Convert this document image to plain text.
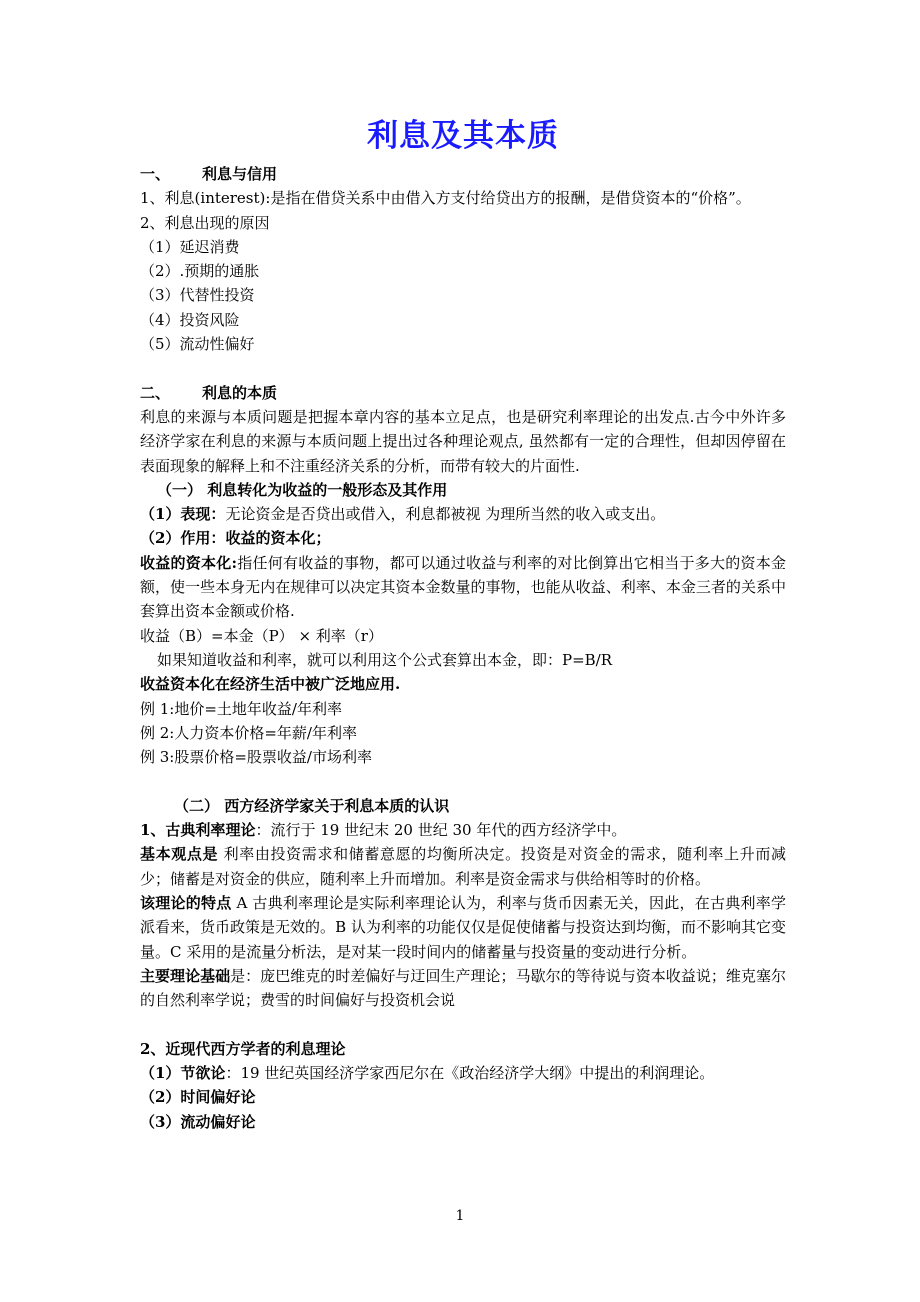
利息及其本质

一、 利息与信用

1、利息(interest):是指在借贷关系中由借入方支付给贷出方的报酬，是借贷资本的“价格”。

2、利息出现的原因

（1）延迟消费

（2）.预期的通胀

（3）代替性投资

（4）投资风险

（5）流动性偏好

二、 利息的本质

利息的来源与本质问题是把握本章内容的基本立足点，也是研究利率理论的出发点.古今中外许多经济学家在利息的来源与本质问题上提出过各种理论观点, 虽然都有一定的合理性，但却因停留在表面现象的解释上和不注重经济关系的分析，而带有较大的片面性.

（一） 利息转化为收益的一般形态及其作用

（1）表现：无论资金是否贷出或借入，利息都被视 为理所当然的收入或支出。

（2）作用：收益的资本化；

收益的资本化:指任何有收益的事物，都可以通过收益与利率的对比倒算出它相当于多大的资本金额，使一些本身无内在规律可以决定其资本金数量的事物，也能从收益、利率、本金三者的关系中套算出资本金额或价格.

收益（B）=本金（P） × 利率（r）

如果知道收益和利率，就可以利用这个公式套算出本金，即：P=B/R

收益资本化在经济生活中被广泛地应用.

例 1:地价=土地年收益/年利率

例 2:人力资本价格=年薪/年利率

例 3:股票价格=股票收益/市场利率

（二） 西方经济学家关于利息本质的认识

1、古典利率理论：流行于 19 世纪末 20 世纪 30 年代的西方经济学中。

基本观点是 利率由投资需求和储蓄意愿的均衡所决定。投资是对资金的需求，随利率上升而减少；储蓄是对资金的供应，随利率上升而增加。利率是资金需求与供给相等时的价格。

该理论的特点 A 古典利率理论是实际利率理论认为，利率与货币因素无关，因此，在古典利率学派看来，货币政策是无效的。B 认为利率的功能仅仅是促使储蓄与投资达到均衡，而不影响其它变量。C 采用的是流量分析法，是对某一段时间内的储蓄量与投资量的变动进行分析。

主要理论基础是：庞巴维克的时差偏好与迂回生产理论；马歇尔的等待说与资本收益说；维克塞尔的自然利率学说；费雪的时间偏好与投资机会说

2、近现代西方学者的利息理论

（1）节欲论：19 世纪英国经济学家西尼尔在《政治经济学大纲》中提出的利润理论。

（2）时间偏好论

（3）流动偏好论

1
